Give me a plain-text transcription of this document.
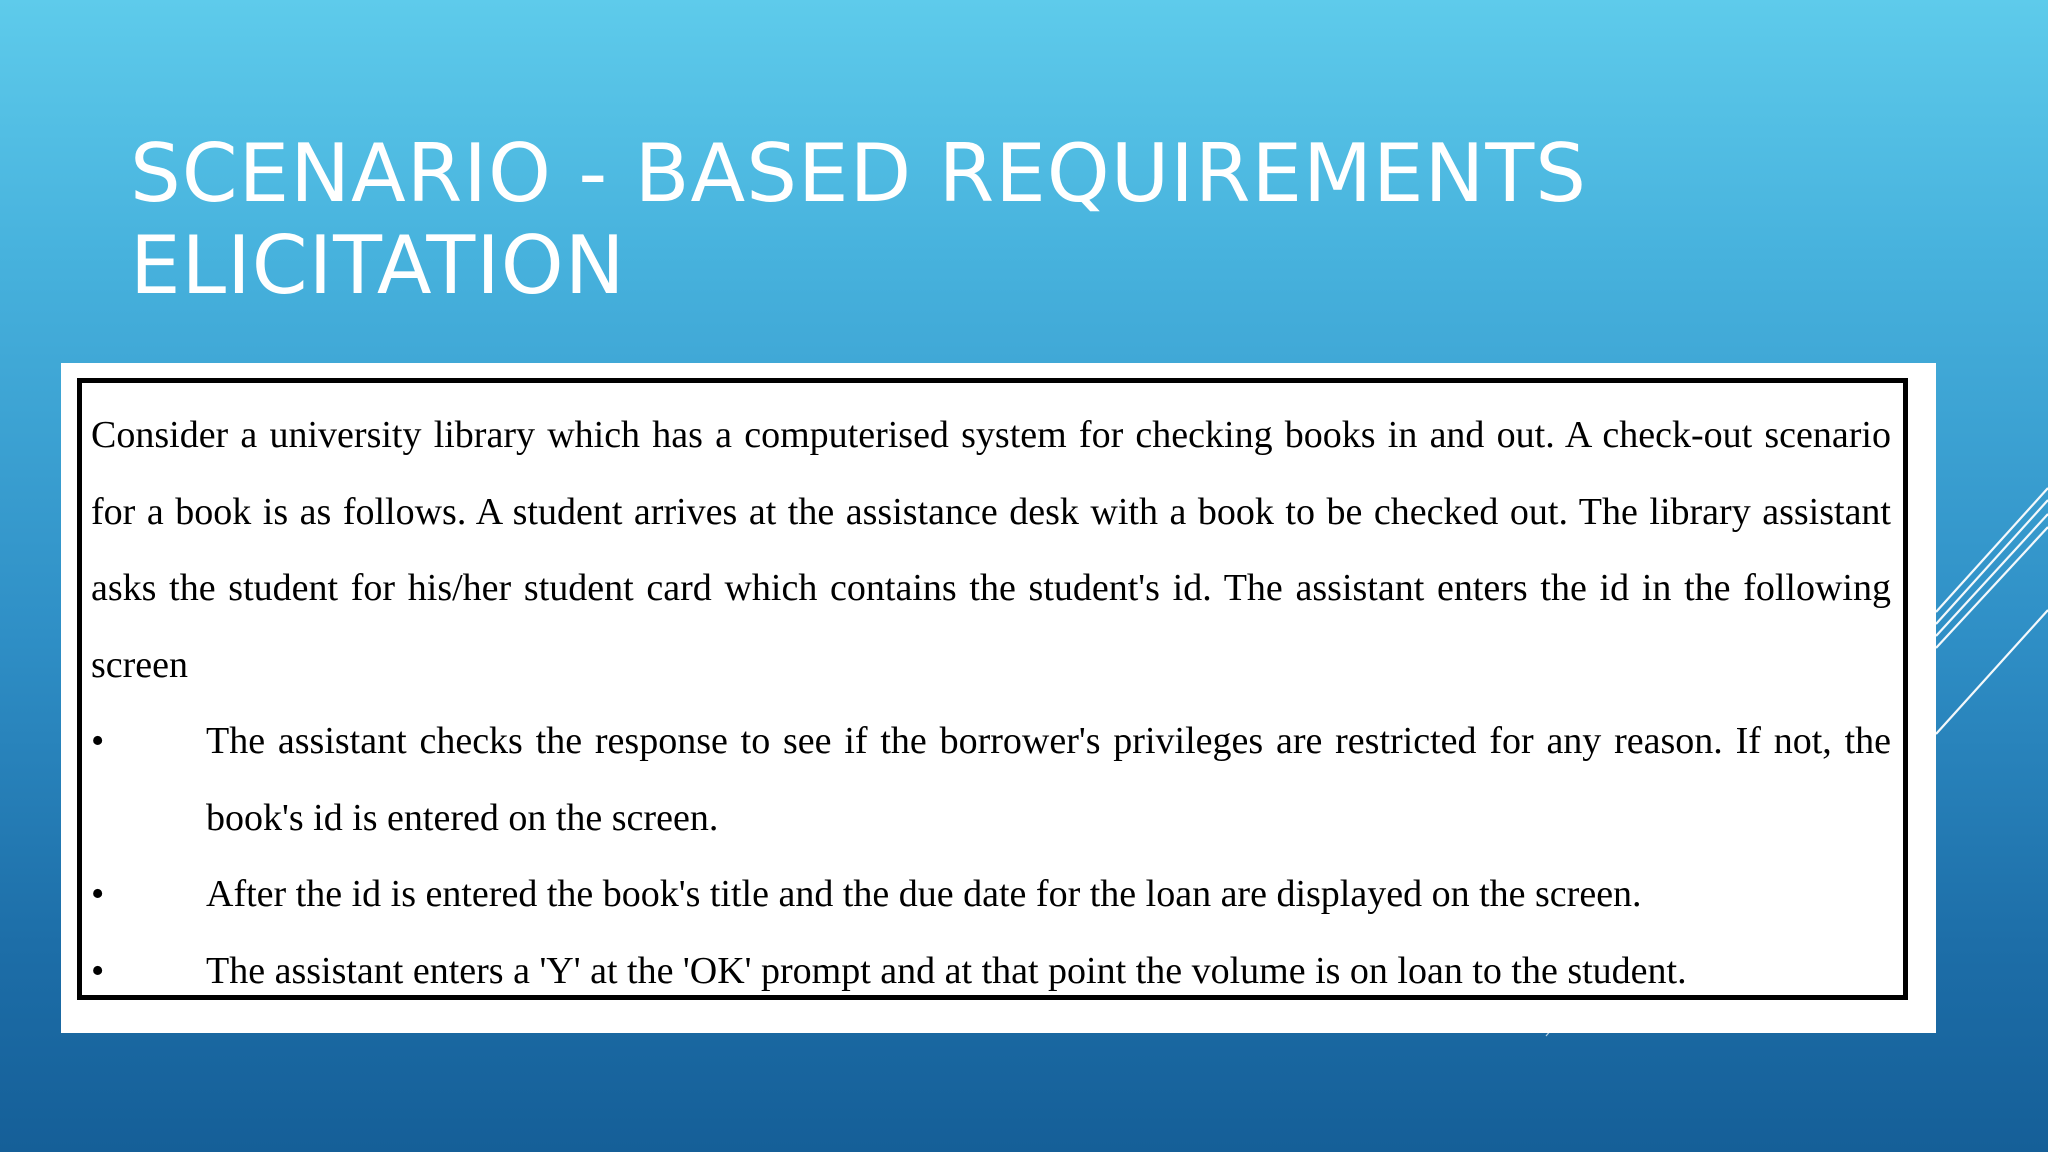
SCENARIO - BASED REQUIREMENTS
ELICITATION

Consider a university library which has a computerised system for checking books in and out. A check-out scenario for a book is as follows. A student arrives at the assistance desk with a book to be checked out. The library assistant asks the student for his/her student card which contains the student's id. The assistant enters the id in the following screen

•	The assistant checks the response to see if the borrower's privileges are restricted for any reason. If not, the book's id is entered on the screen.
•	After the id is entered the book's title and the due date for the loan are displayed on the screen.
•	The assistant enters a 'Y' at the 'OK' prompt and at that point the volume is on loan to the student.
